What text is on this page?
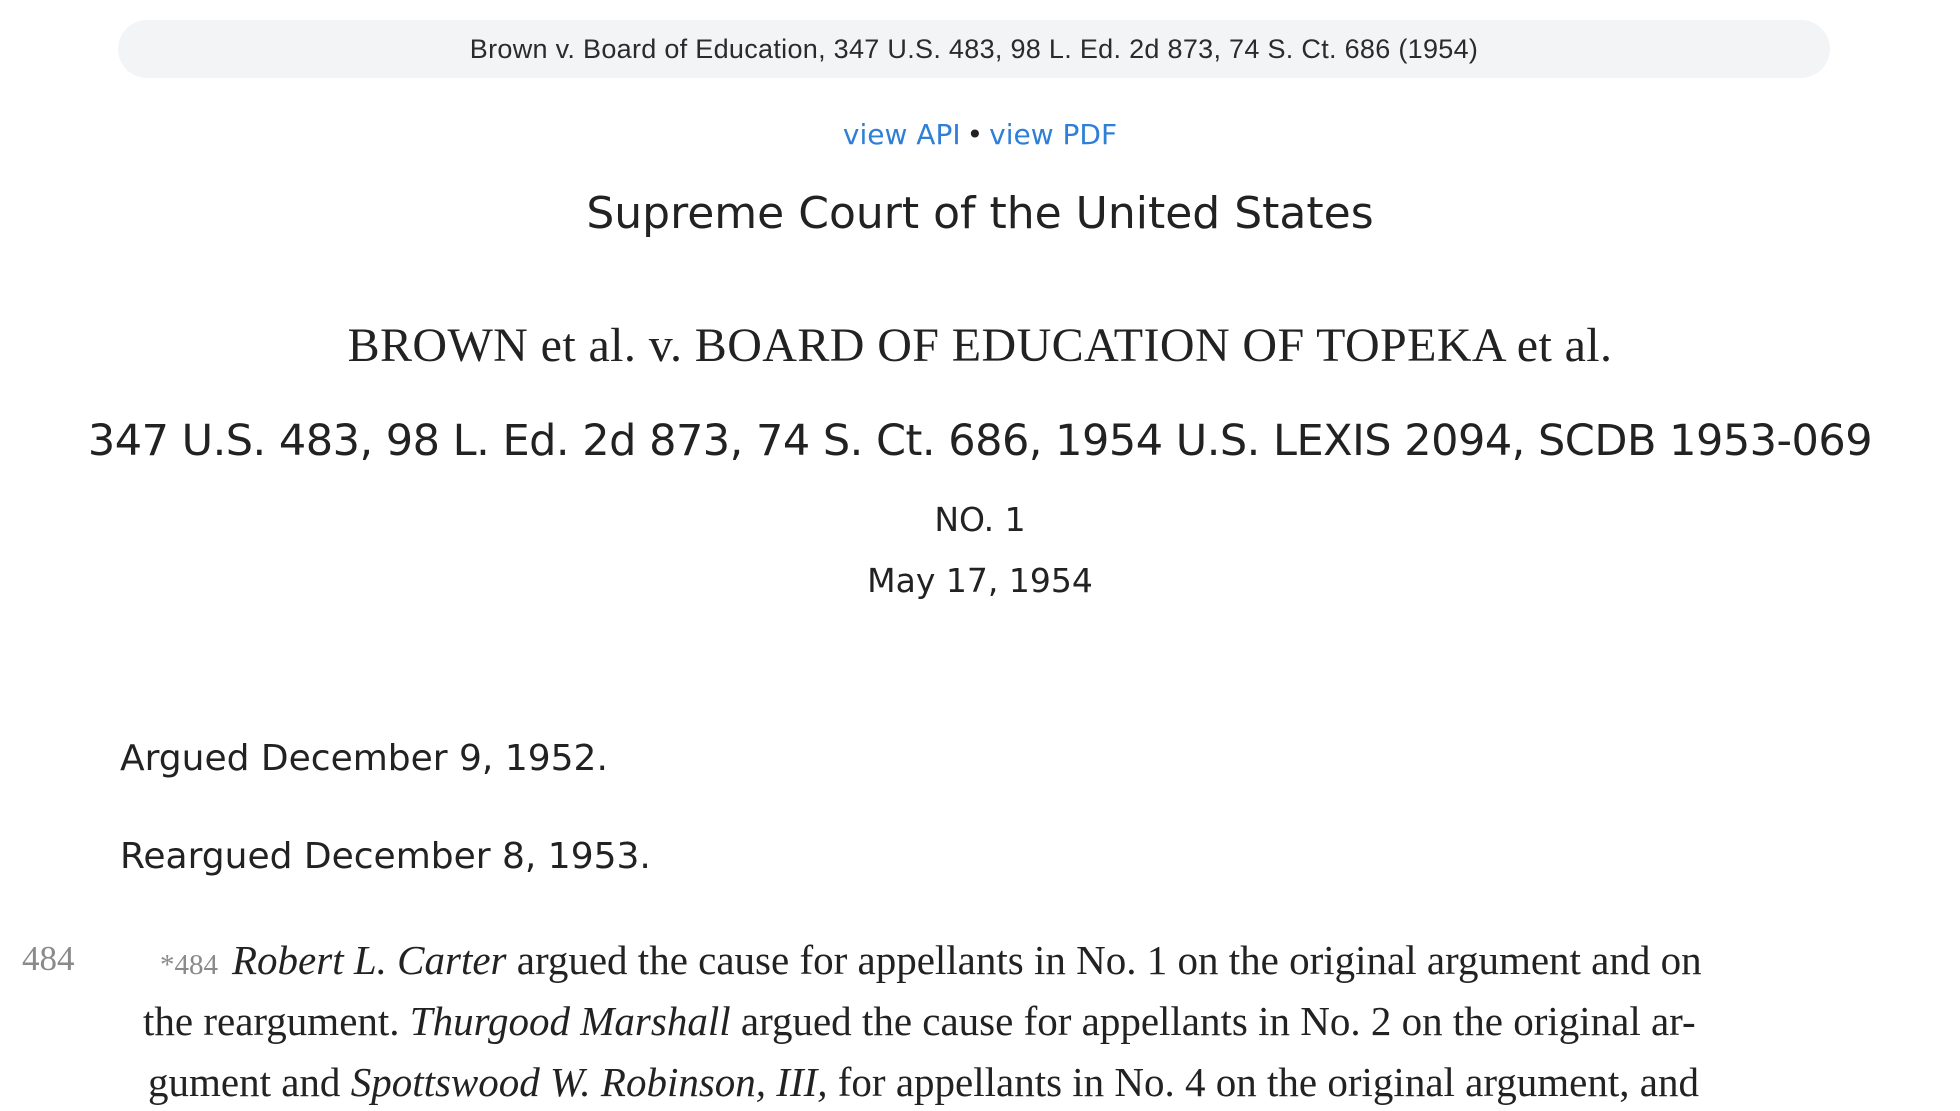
Brown v. Board of Education, 347 U.S. 483, 98 L. Ed. 2d 873, 74 S. Ct. 686 (1954)
view API • view PDF
Supreme Court of the United States
BROWN et al. v. BOARD OF EDUCATION OF TOPEKA et al.
347 U.S. 483, 98 L. Ed. 2d 873, 74 S. Ct. 686, 1954 U.S. LEXIS 2094, SCDB 1953-069
NO. 1
May 17, 1954
Argued December 9, 1952.
Reargued December 8, 1953.
484	*484 Robert L. Carter argued the cause for appellants in No. 1 on the original argument and on
the reargument. Thurgood Marshall argued the cause for appellants in No. 2 on the original ar-
gument and Spottswood W. Robinson, III, for appellants in No. 4 on the original argument, and
